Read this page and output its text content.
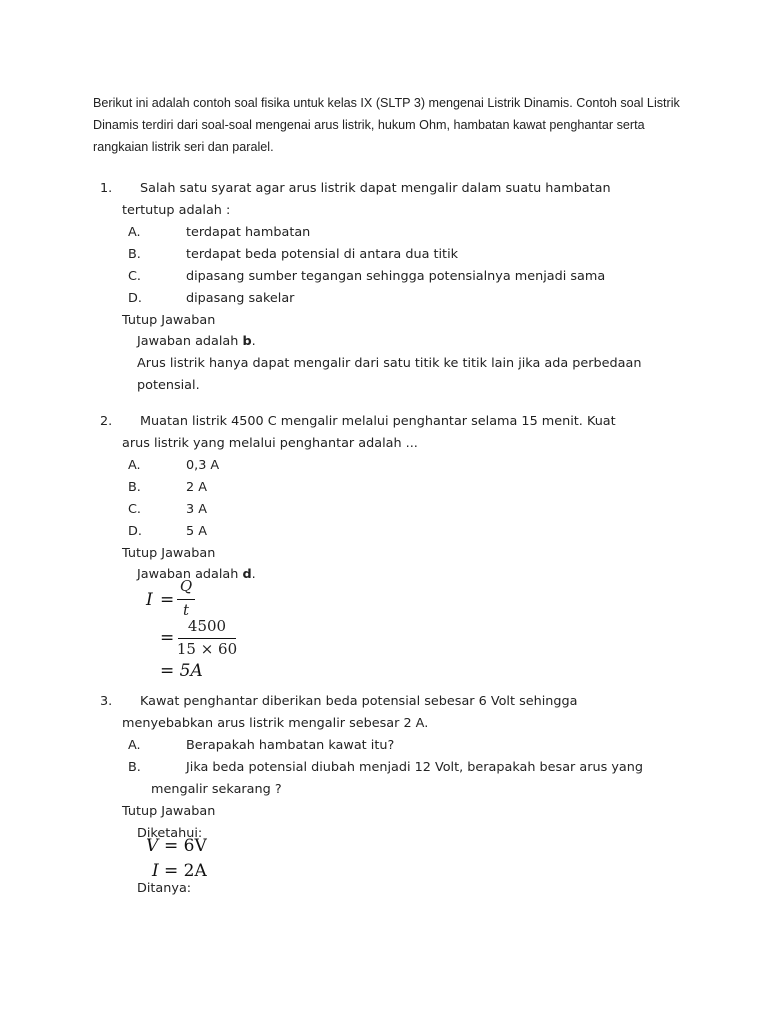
Berikut ini adalah contoh soal fisika untuk kelas IX (SLTP 3) mengenai Listrik Dinamis. Contoh soal Listrik Dinamis terdiri dari soal-soal mengenai arus listrik, hukum Ohm, hambatan kawat penghantar serta rangkaian listrik seri dan paralel.
1. Salah satu syarat agar arus listrik dapat mengalir dalam suatu hambatan
tertutup adalah :
A.	terdapat hambatan
B.	terdapat beda potensial di antara dua titik
C.	dipasang sumber tegangan sehingga potensialnya menjadi sama
D.	dipasang sakelar
Tutup Jawaban
Jawaban adalah b.
Arus listrik hanya dapat mengalir dari satu titik ke titik lain jika ada perbedaan
potensial.
2. Muatan listrik 4500 C mengalir melalui penghantar selama 15 menit. Kuat
arus listrik yang melalui penghantar adalah ...
A.	0,3 A
B.	2 A
C.	3 A
D.	5 A
Tutup Jawaban
Jawaban adalah d.
I =
Q
t
=
4500
15 × 60
= 5A
3. Kawat penghantar diberikan beda potensial sebesar 6 Volt sehingga
menyebabkan arus listrik mengalir sebesar 2 A.
A.	Berapakah hambatan kawat itu?
B.	Jika beda potensial diubah menjadi 12 Volt, berapakah besar arus yang
mengalir sekarang ?
Tutup Jawaban
Diketahui:
Ditanya:
V = 6V
I = 2A
